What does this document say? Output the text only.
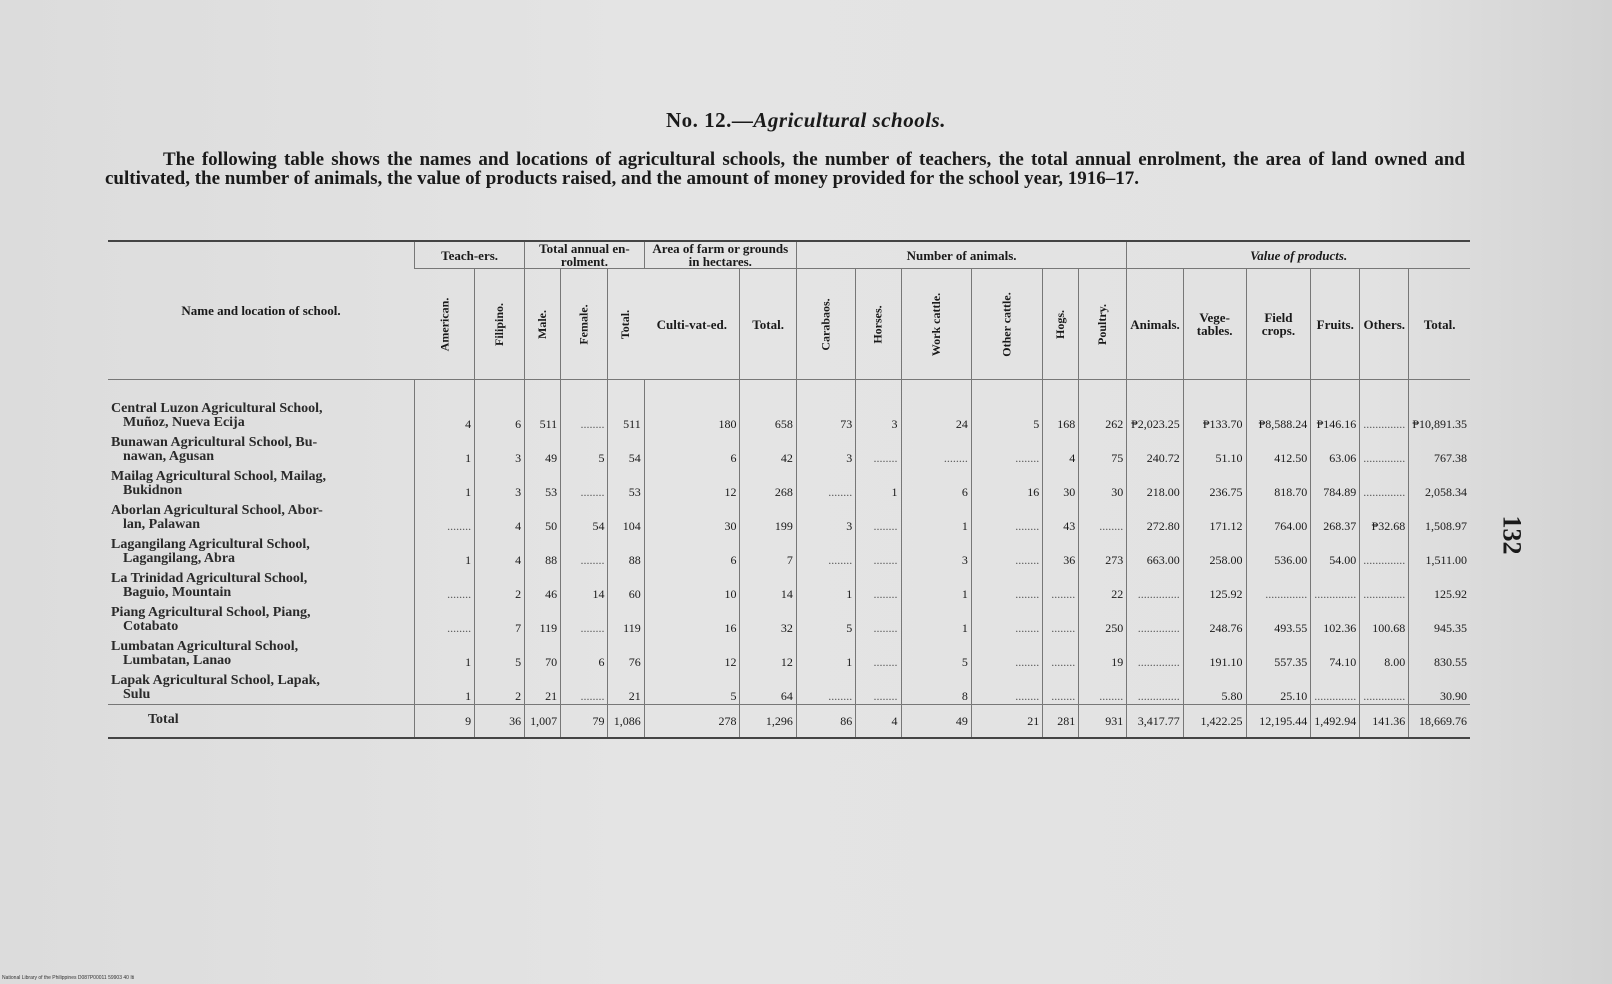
No. 12.—Agricultural schools.
The following table shows the names and locations of agricultural schools, the number of teachers, the total annual enrolment, the area of land owned and cultivated, the number of animals, the value of products raised, and the amount of money provided for the school year, 1916–17.
132
Name and location of school.	Teach-ers.		Total annual en-rolment.			Area of farm or grounds in hectares.		Number of animals.						Value of products.					
	American.	Filipino.	Male.	Female.	Total.			Carabaos.	Horses.	Work cattle.	Other cattle.	Hogs.	Poultry.						
						Culti-vat-ed.	Total.							Animals.	Vege-tables.	Field crops.	Fruits.	Others.	Total.
Central Luzon Agricultural School,
Muñoz, Nueva Ecija	4	6	511	........	511	180	658	73	3	24	5	168	262	₱2,023.25	₱133.70	₱8,588.24	₱146.16	..............	₱10,891.35
Bunawan Agricultural School, Bu-
nawan, Agusan	1	3	49	5	54	6	42	3	........	........	........	4	75	240.72	51.10	412.50	63.06	..............	767.38
Mailag Agricultural School, Mailag,
Bukidnon	1	3	53	........	53	12	268	........	1	6	16	30	30	218.00	236.75	818.70	784.89	..............	2,058.34
Aborlan Agricultural School, Abor-
lan, Palawan	........	4	50	54	104	30	199	3	........	1	........	43	........	272.80	171.12	764.00	268.37	₱32.68	1,508.97
Lagangilang Agricultural School,
Lagangilang, Abra	1	4	88	........	88	6	7	........	........	3	........	36	273	663.00	258.00	536.00	54.00	..............	1,511.00
La Trinidad Agricultural School,
Baguio, Mountain	........	2	46	14	60	10	14	1	........	1	........	........	22	..............	125.92	..............	..............	..............	125.92
Piang Agricultural School, Piang,
Cotabato	........	7	119	........	119	16	32	5	........	1	........	........	250	..............	248.76	493.55	102.36	100.68	945.35
Lumbatan Agricultural School,
Lumbatan, Lanao	1	5	70	6	76	12	12	1	........	5	........	........	19	..............	191.10	557.35	74.10	8.00	830.55
Lapak Agricultural School, Lapak,
Sulu	1	2	21	........	21	5	64	........	........	8	........	........	........	..............	5.80	25.10	..............	..............	30.90
Total	9	36	1,007	79	1,086	278	1,296	86	4	49	21	281	931	3,417.77	1,422.25	12,195.44	1,492.94	141.36	18,669.76
National Library of the Philippines D087P00011 59903 40 Iti
